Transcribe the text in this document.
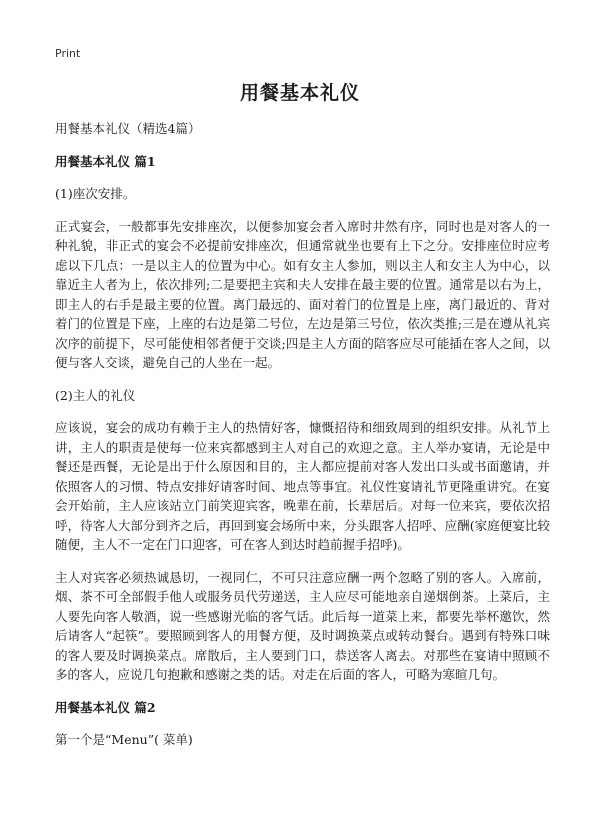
Print
用餐基本礼仪

用餐基本礼仪（精选4篇）

用餐基本礼仪 篇1

(1)座次安排。

正式宴会，一般都事先安排座次，以便参加宴会者入席时井然有序，同时也是对客人的一种礼貌，非正式的宴会不必提前安排座次，但通常就坐也要有上下之分。安排座位时应考虑以下几点：一是以主人的位置为中心。如有女主人参加，则以主人和女主人为中心，以靠近主人者为上，依次排列;二是要把主宾和夫人安排在最主要的位置。通常是以右为上，即主人的右手是最主要的位置。离门最远的、面对着门的位置是上座，离门最近的、背对着门的位置是下座，上座的右边是第二号位，左边是第三号位，依次类推;三是在遵从礼宾次序的前提下，尽可能使相邻者便于交谈;四是主人方面的陪客应尽可能插在客人之间，以便与客人交谈，避免自己的人坐在一起。

(2)主人的礼仪

应该说，宴会的成功有赖于主人的热情好客，慷慨招待和细致周到的组织安排。从礼节上讲，主人的职责是使每一位来宾都感到主人对自己的欢迎之意。主人举办宴请，无论是中餐还是西餐，无论是出于什么原因和目的，主人都应提前对客人发出口头或书面邀请，并依照客人的习惯、特点安排好请客时间、地点等事宜。礼仪性宴请礼节更隆重讲究。在宴会开始前，主人应该站立门前笑迎宾客，晚辈在前，长辈居后。对每一位来宾，要依次招呼，待客人大部分到齐之后，再回到宴会场所中来，分头跟客人招呼、应酬(家庭便宴比较随便，主人不一定在门口迎客，可在客人到达时趋前握手招呼)。

主人对宾客必须热诚恳切，一视同仁，不可只注意应酬一两个忽略了别的客人。入席前，烟、茶不可全部假手他人或服务员代劳递送，主人应尽可能地亲自递烟倒茶。上菜后，主人要先向客人敬酒，说一些感谢光临的客气话。此后每一道菜上来，都要先举杯邀饮，然后请客人“起筷”。要照顾到客人的用餐方便，及时调换菜点或转动餐台。遇到有特殊口味的客人要及时调换菜点。席散后，主人要到门口，恭送客人离去。对那些在宴请中照顾不多的客人，应说几句抱歉和感谢之类的话。对走在后面的客人，可略为寒暄几句。

用餐基本礼仪 篇2

第一个是“Menu”( 菜单)
